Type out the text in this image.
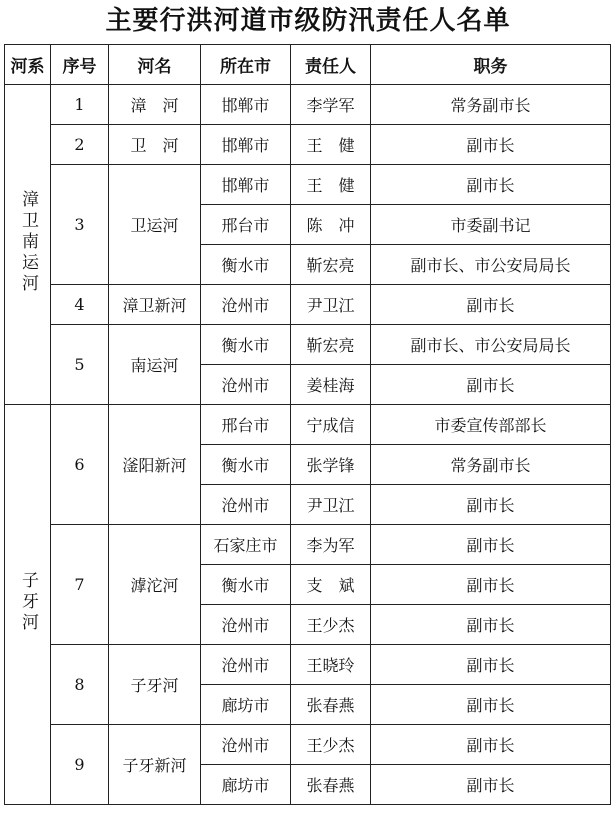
主要行洪河道市级防汛责任人名单
河系	序号	河名	所在市	责任人	职务
漳卫南运河	1	漳　河	邯郸市	李学军	常务副市长
	2	卫　河	邯郸市	王　健	副市长
	3	卫运河	邯郸市	王　健	副市长
			邢台市	陈　冲	市委副书记
			衡水市	靳宏亮	副市长、市公安局局长
	4	漳卫新河	沧州市	尹卫江	副市长
	5	南运河	衡水市	靳宏亮	副市长、市公安局局长
			沧州市	姜桂海	副市长
子牙河	6	滏阳新河	邢台市	宁成信	市委宣传部部长
			衡水市	张学锋	常务副市长
			沧州市	尹卫江	副市长
	7	滹沱河	石家庄市	李为军	副市长
			衡水市	支　斌	副市长
			沧州市	王少杰	副市长
	8	子牙河	沧州市	王晓玲	副市长
			廊坊市	张春燕	副市长
	9	子牙新河	沧州市	王少杰	副市长
			廊坊市	张春燕	副市长
